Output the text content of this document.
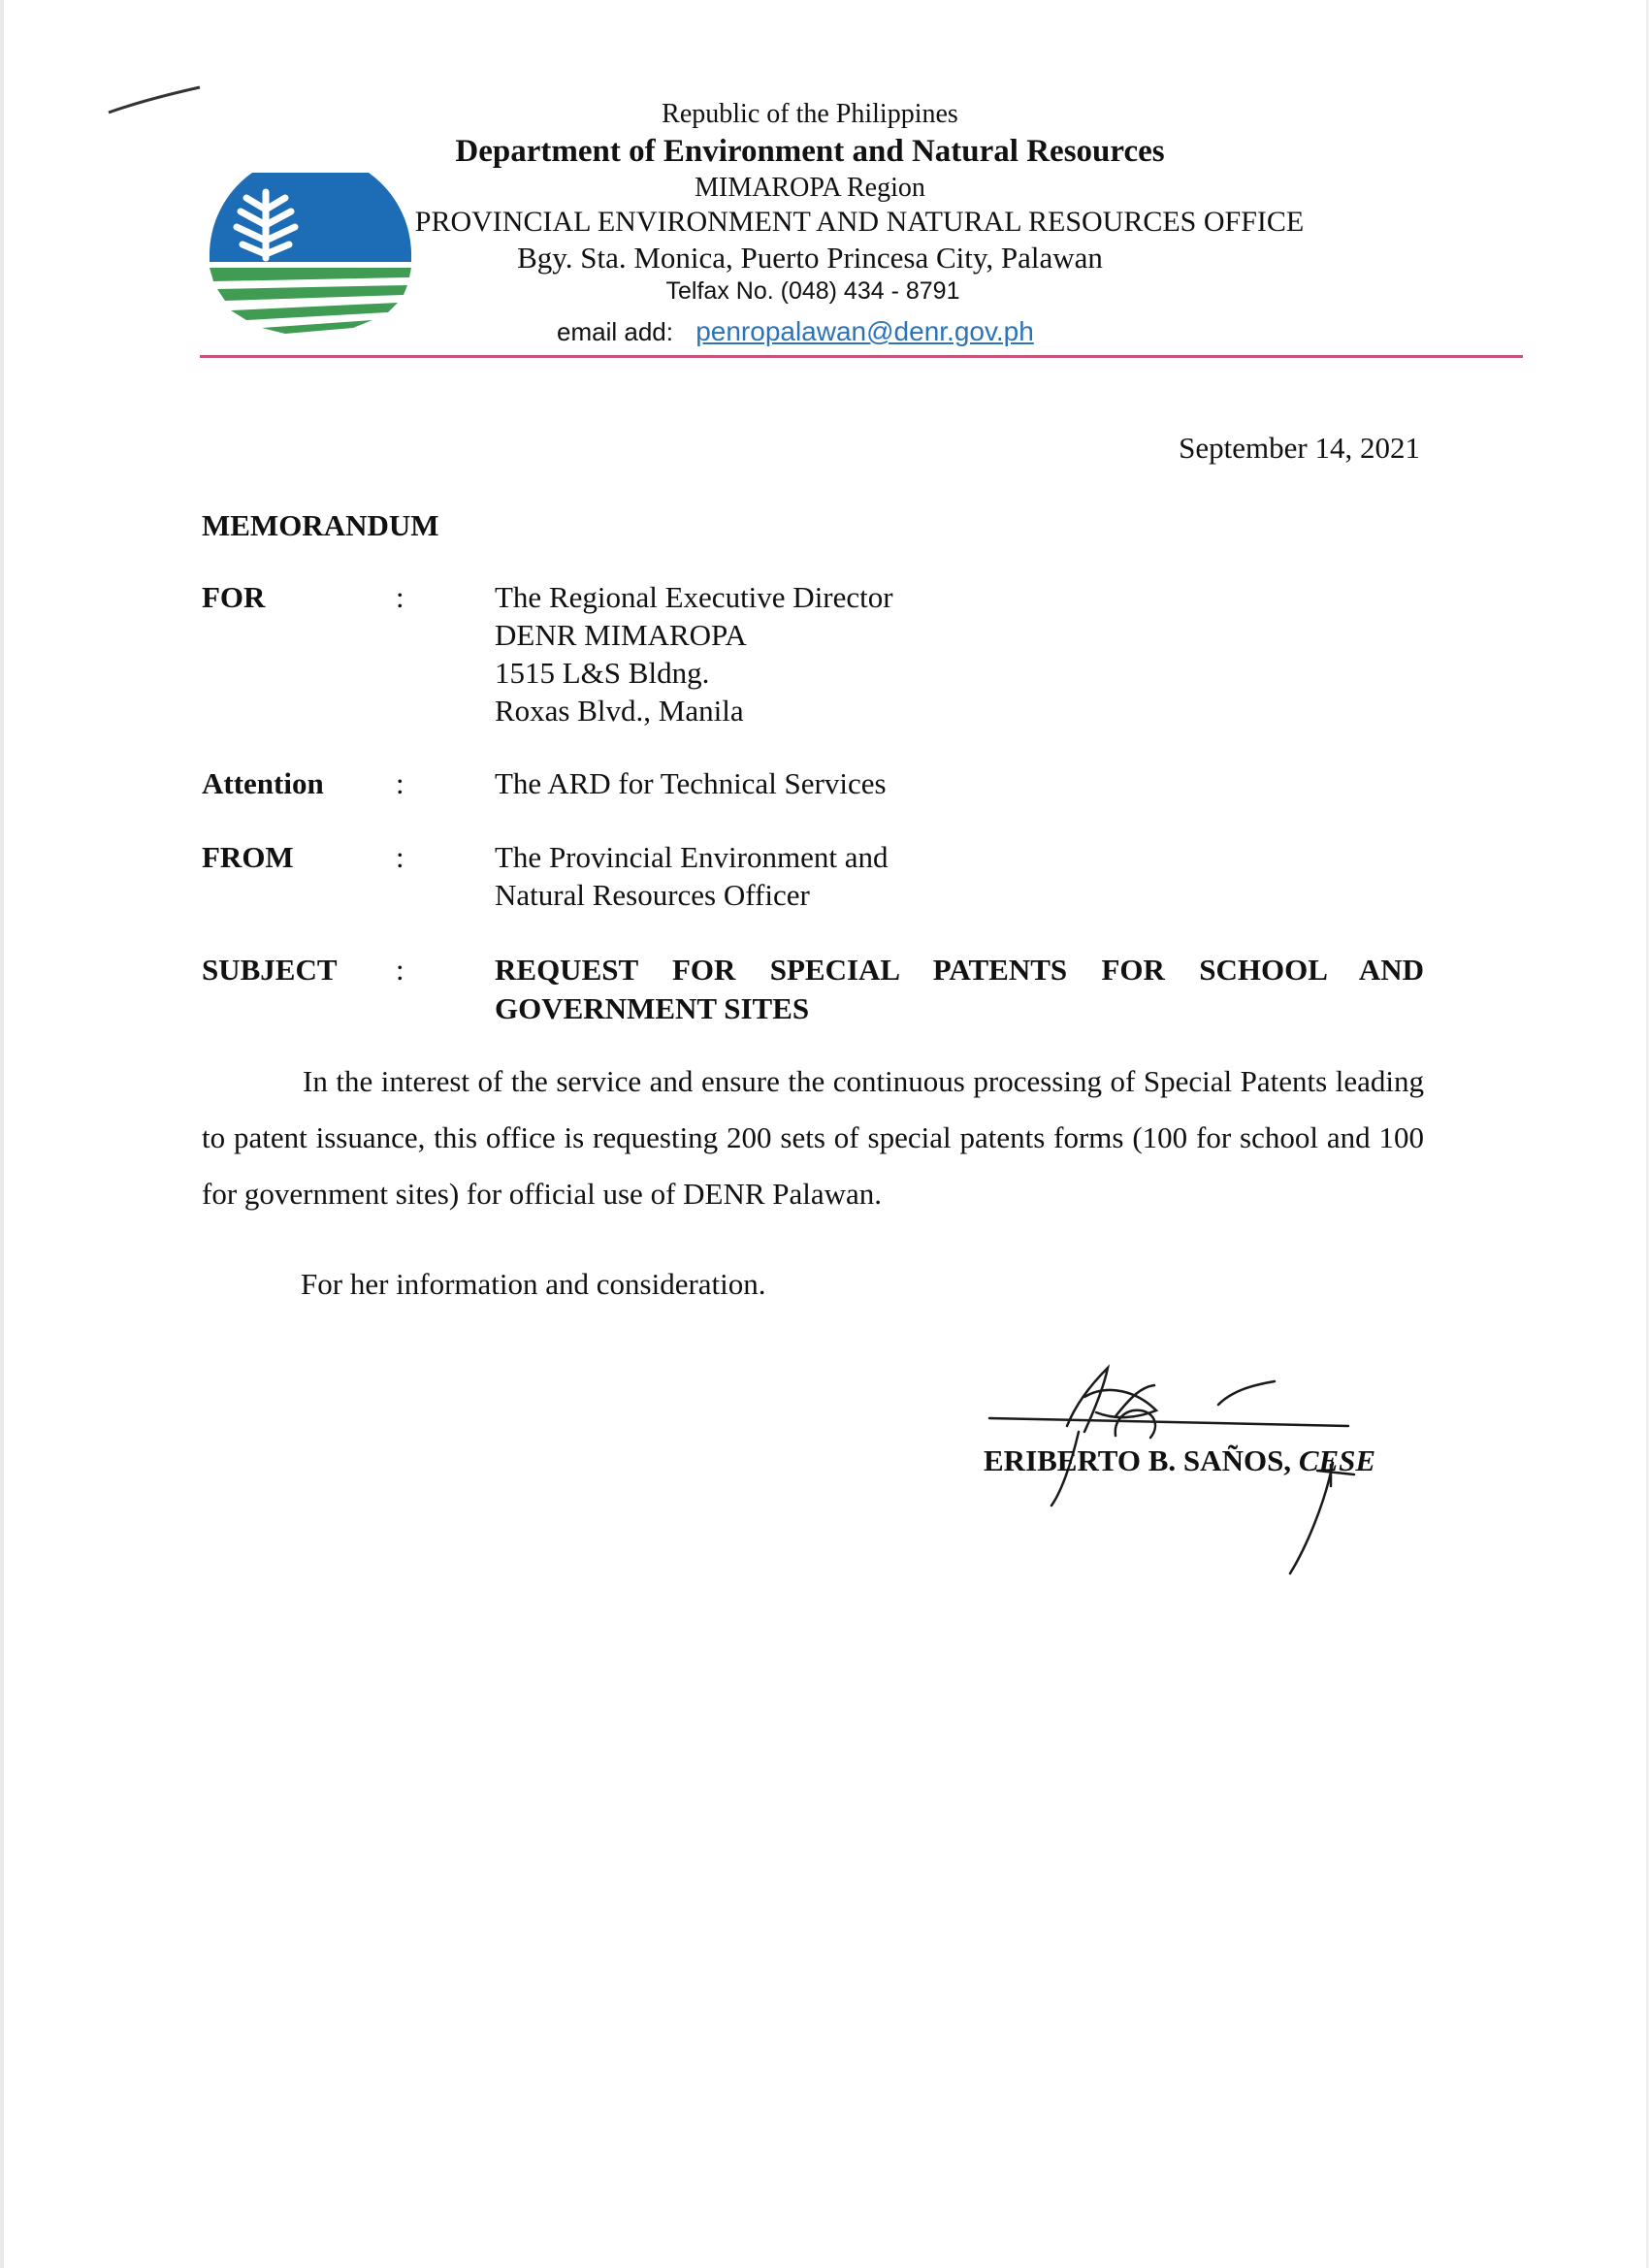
Republic of the Philippines
Department of Environment and Natural Resources
MIMAROPA Region
PROVINCIAL ENVIRONMENT AND NATURAL RESOURCES OFFICE
Bgy. Sta. Monica, Puerto Princesa City, Palawan
Telfax No. (048) 434 - 8791
email add: penropalawan@denr.gov.ph
September 14, 2021
MEMORANDUM
FOR	:	The Regional Executive Director
DENR MIMAROPA
1515 L&S Bldng.
Roxas Blvd., Manila
Attention :	The ARD for Technical Services
FROM	:	The Provincial Environment and
Natural Resources Officer
SUBJECT :	REQUEST FOR SPECIAL PATENTS FOR SCHOOL AND GOVERNMENT SITES
In the interest of the service and ensure the continuous processing of Special Patents leading to patent issuance, this office is requesting 200 sets of special patents forms (100 for school and 100 for government sites) for official use of DENR Palawan.
For her information and consideration.
ERIBERTO B. SAÑOS, CESE
